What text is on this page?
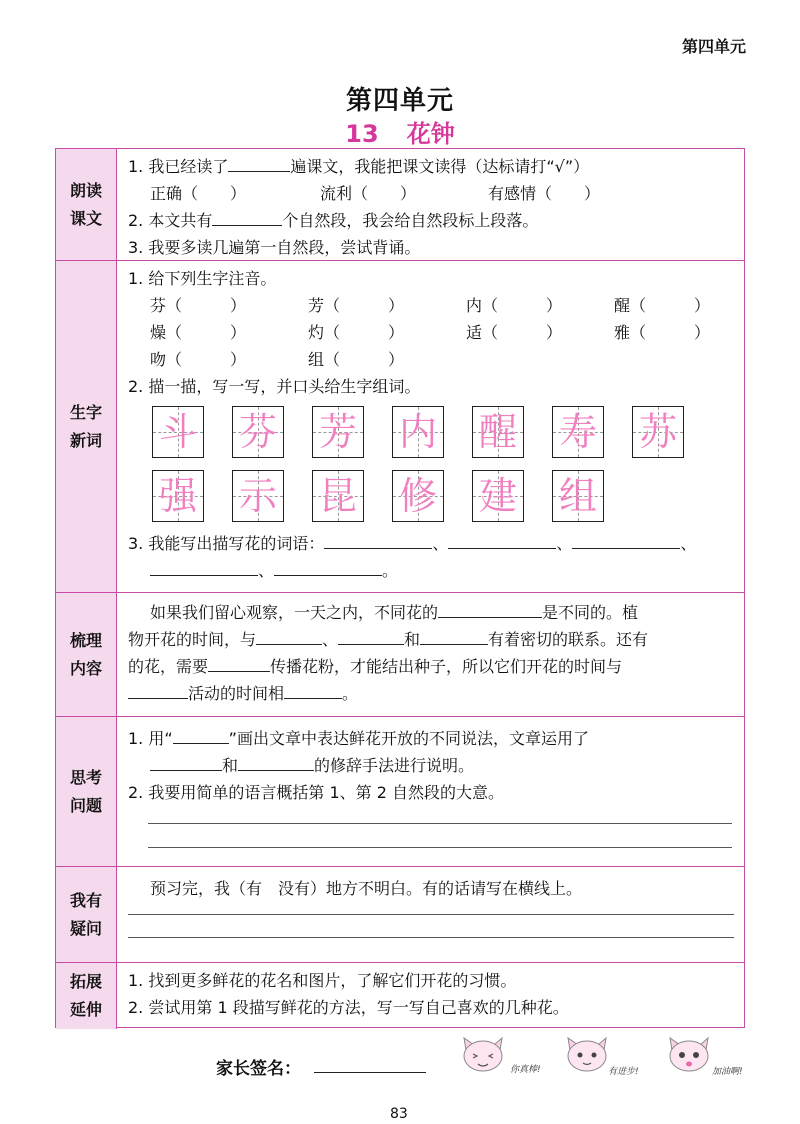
第四单元
第四单元
13 花钟
朗读
课文
1. 我已经读了	遍课文，我能把课文读得（达标请打“√”）
正确（　　）	流利（　　）	有感情（　　）
2. 本文共有	个自然段，我会给自然段标上段落。
3. 我要多读几遍第一自然段，尝试背诵。
生字
新词
1. 给下列生字注音。
芬（　　　）	芳（　　　）	内（　　　）	醒（　　　）
燥（　　　）	灼（　　　）	适（　　　）	雅（　　　）
吻（　　　）	组（　　　）
2. 描一描，写一写，并口头给生字组词。
斗 芬 芳 内 醒 寿 苏
强 示 昆 修 建 组
3. 我能写出描写花的词语：	、	、	、
、	。
梳理
内容
如果我们留心观察，一天之内，不同花的	是不同的。植
物开花的时间，与	、	和	有着密切的联系。还有
的花，需要	传播花粉，才能结出种子，所以它们开花的时间与
活动的时间相	。
思考
问题
1. 用“	”画出文章中表达鲜花开放的不同说法，文章运用了
和	的修辞手法进行说明。
2. 我要用简单的语言概括第 1、第 2 自然段的大意。
我有
疑问
预习完，我（有　没有）地方不明白。有的话请写在横线上。
拓展
延伸
1. 找到更多鲜花的花名和图片，了解它们开花的习惯。
2. 尝试用第 1 段描写鲜花的方法，写一写自己喜欢的几种花。
家长签名：	你真棒!	有进步!	加油啊!
83
